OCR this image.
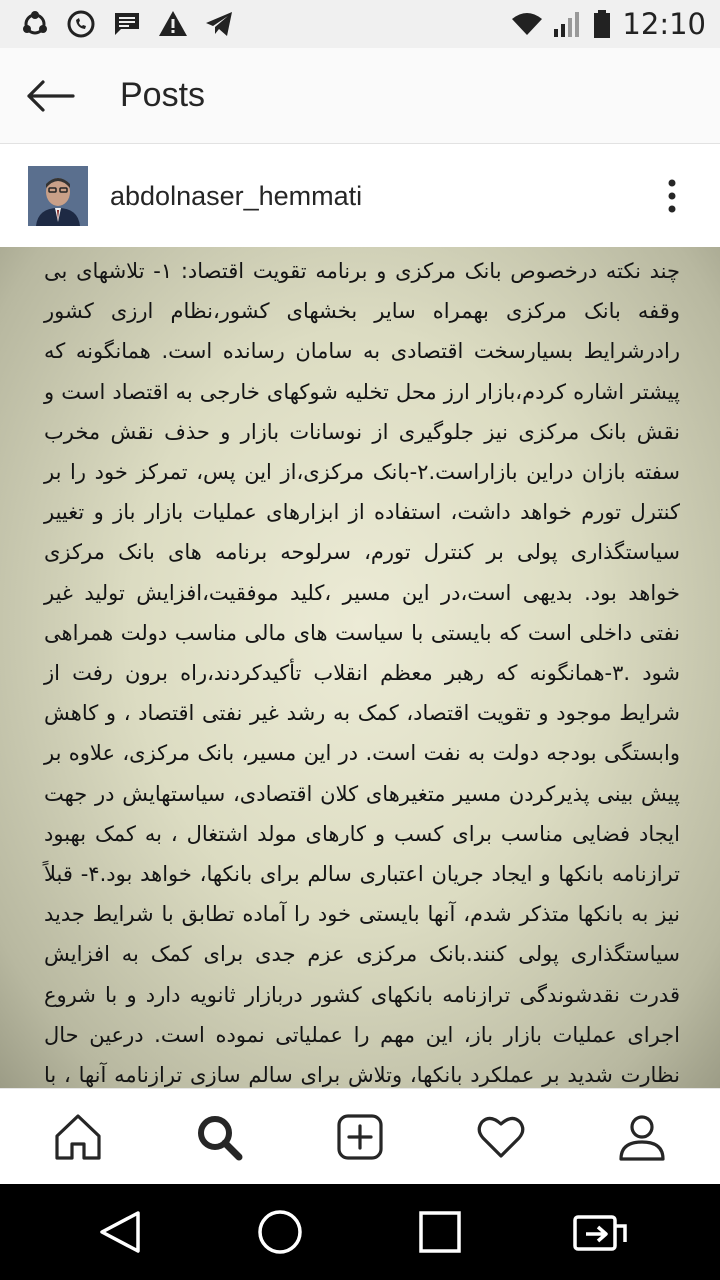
12:10
Posts
abdolnaser_hemmati
چند نکته درخصوص بانک مرکزی و برنامه تقویت اقتصاد: ۱- تلاشهای بی وقفه بانک مرکزی بهمراه سایر بخشهای کشور،نظام ارزی کشور رادرشرایط بسیارسخت اقتصادی به سامان رسانده است. همانگونه که پیشتر اشاره کردم،بازار ارز محل تخلیه شوکهای خارجی به اقتصاد است و نقش بانک مرکزی نیز جلوگیری از نوسانات بازار و حذف نقش مخرب سفته بازان دراین بازاراست.۲-بانک مرکزی،از این پس، تمرکز خود را بر کنترل تورم خواهد داشت، استفاده از ابزارهای عملیات بازار باز و تغییر سیاستگذاری پولی بر کنترل تورم، سرلوحه برنامه های بانک مرکزی خواهد بود. بدیهی است،در این مسیر ،کلید موفقیت،افزایش تولید غیر نفتی داخلی است که بایستی با سیاست های مالی مناسب دولت همراهی شود .۳-همانگونه که رهبر معظم انقلاب تأکیدکردند،راه برون رفت از شرایط موجود و تقویت اقتصاد، کمک به رشد غیر نفتی اقتصاد ، و کاهش وابستگی بودجه دولت به نفت است. در این مسیر، بانک مرکزی، علاوه بر پیش بینی پذیرکردن مسیر متغیرهای کلان اقتصادی، سیاستهایش در جهت ایجاد فضایی مناسب برای کسب و کارهای مولد اشتغال ، به کمک بهبود ترازنامه بانکها و ایجاد جریان اعتباری سالم برای بانکها، خواهد بود.۴- قبلاً نیز به بانکها متذکر شدم، آنها بایستی خود را آماده تطابق با شرایط جدید سیاستگذاری پولی کنند.بانک مرکزی عزم جدی برای کمک به افزایش قدرت نقدشوندگی ترازنامه بانکهای کشور دربازار ثانویه دارد و با شروع اجرای عملیات بازار باز، این مهم را عملیاتی نموده است. درعین حال نظارت شدید بر عملکرد بانکها، وتلاش برای سالم سازی ترازنامه آنها ، با
